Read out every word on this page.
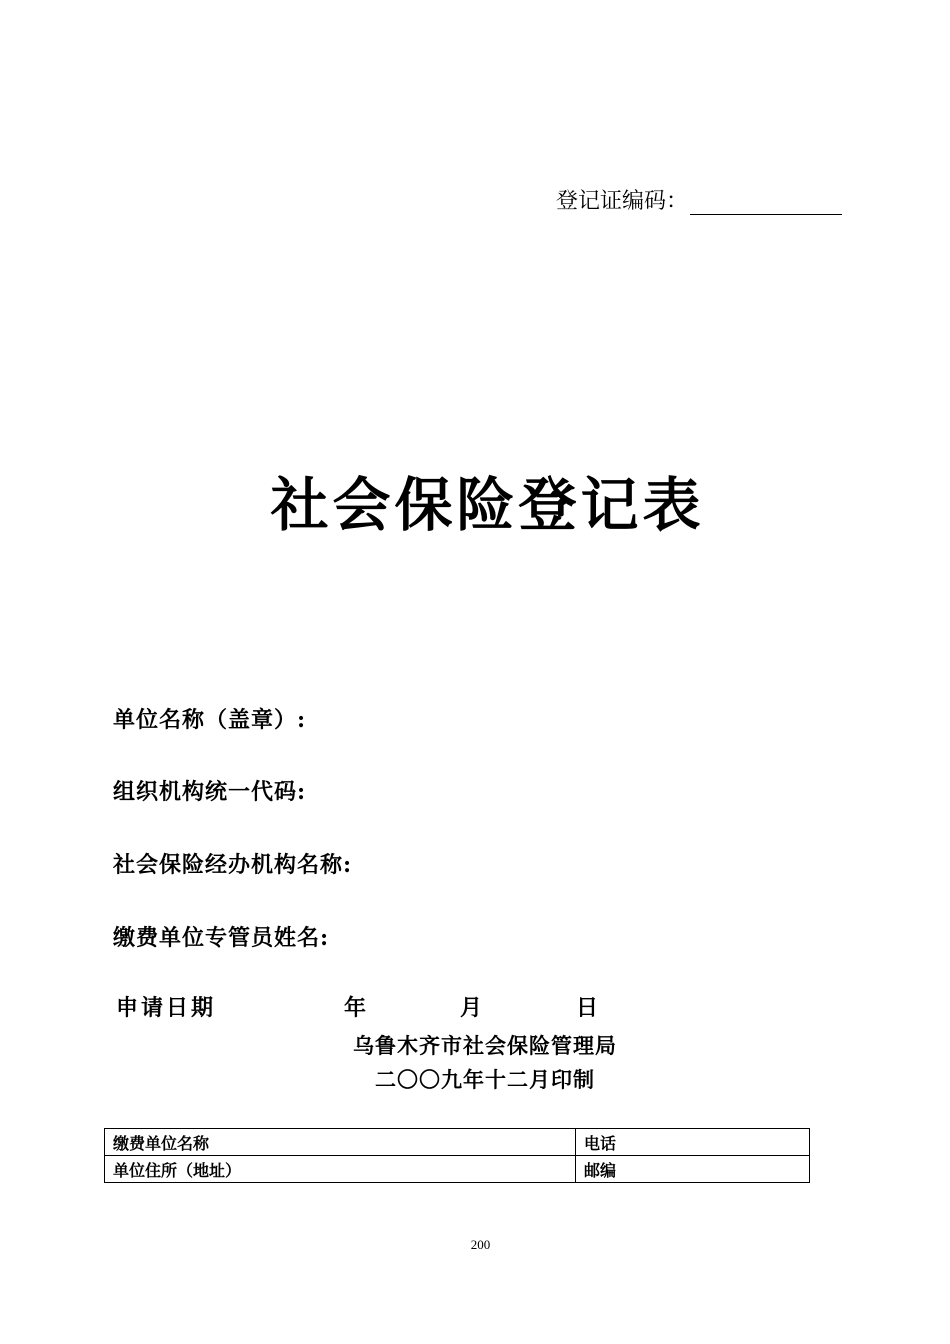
登记证编码：
社会保险登记表
单位名称（盖章）:
组织机构统一代码:
社会保险经办机构名称:
缴费单位专管员姓名:
申请日期	年	月	日
乌鲁木齐市社会保险管理局
二〇〇九年十二月印制
缴费单位名称	电话
单位住所（地址）	邮编
200
